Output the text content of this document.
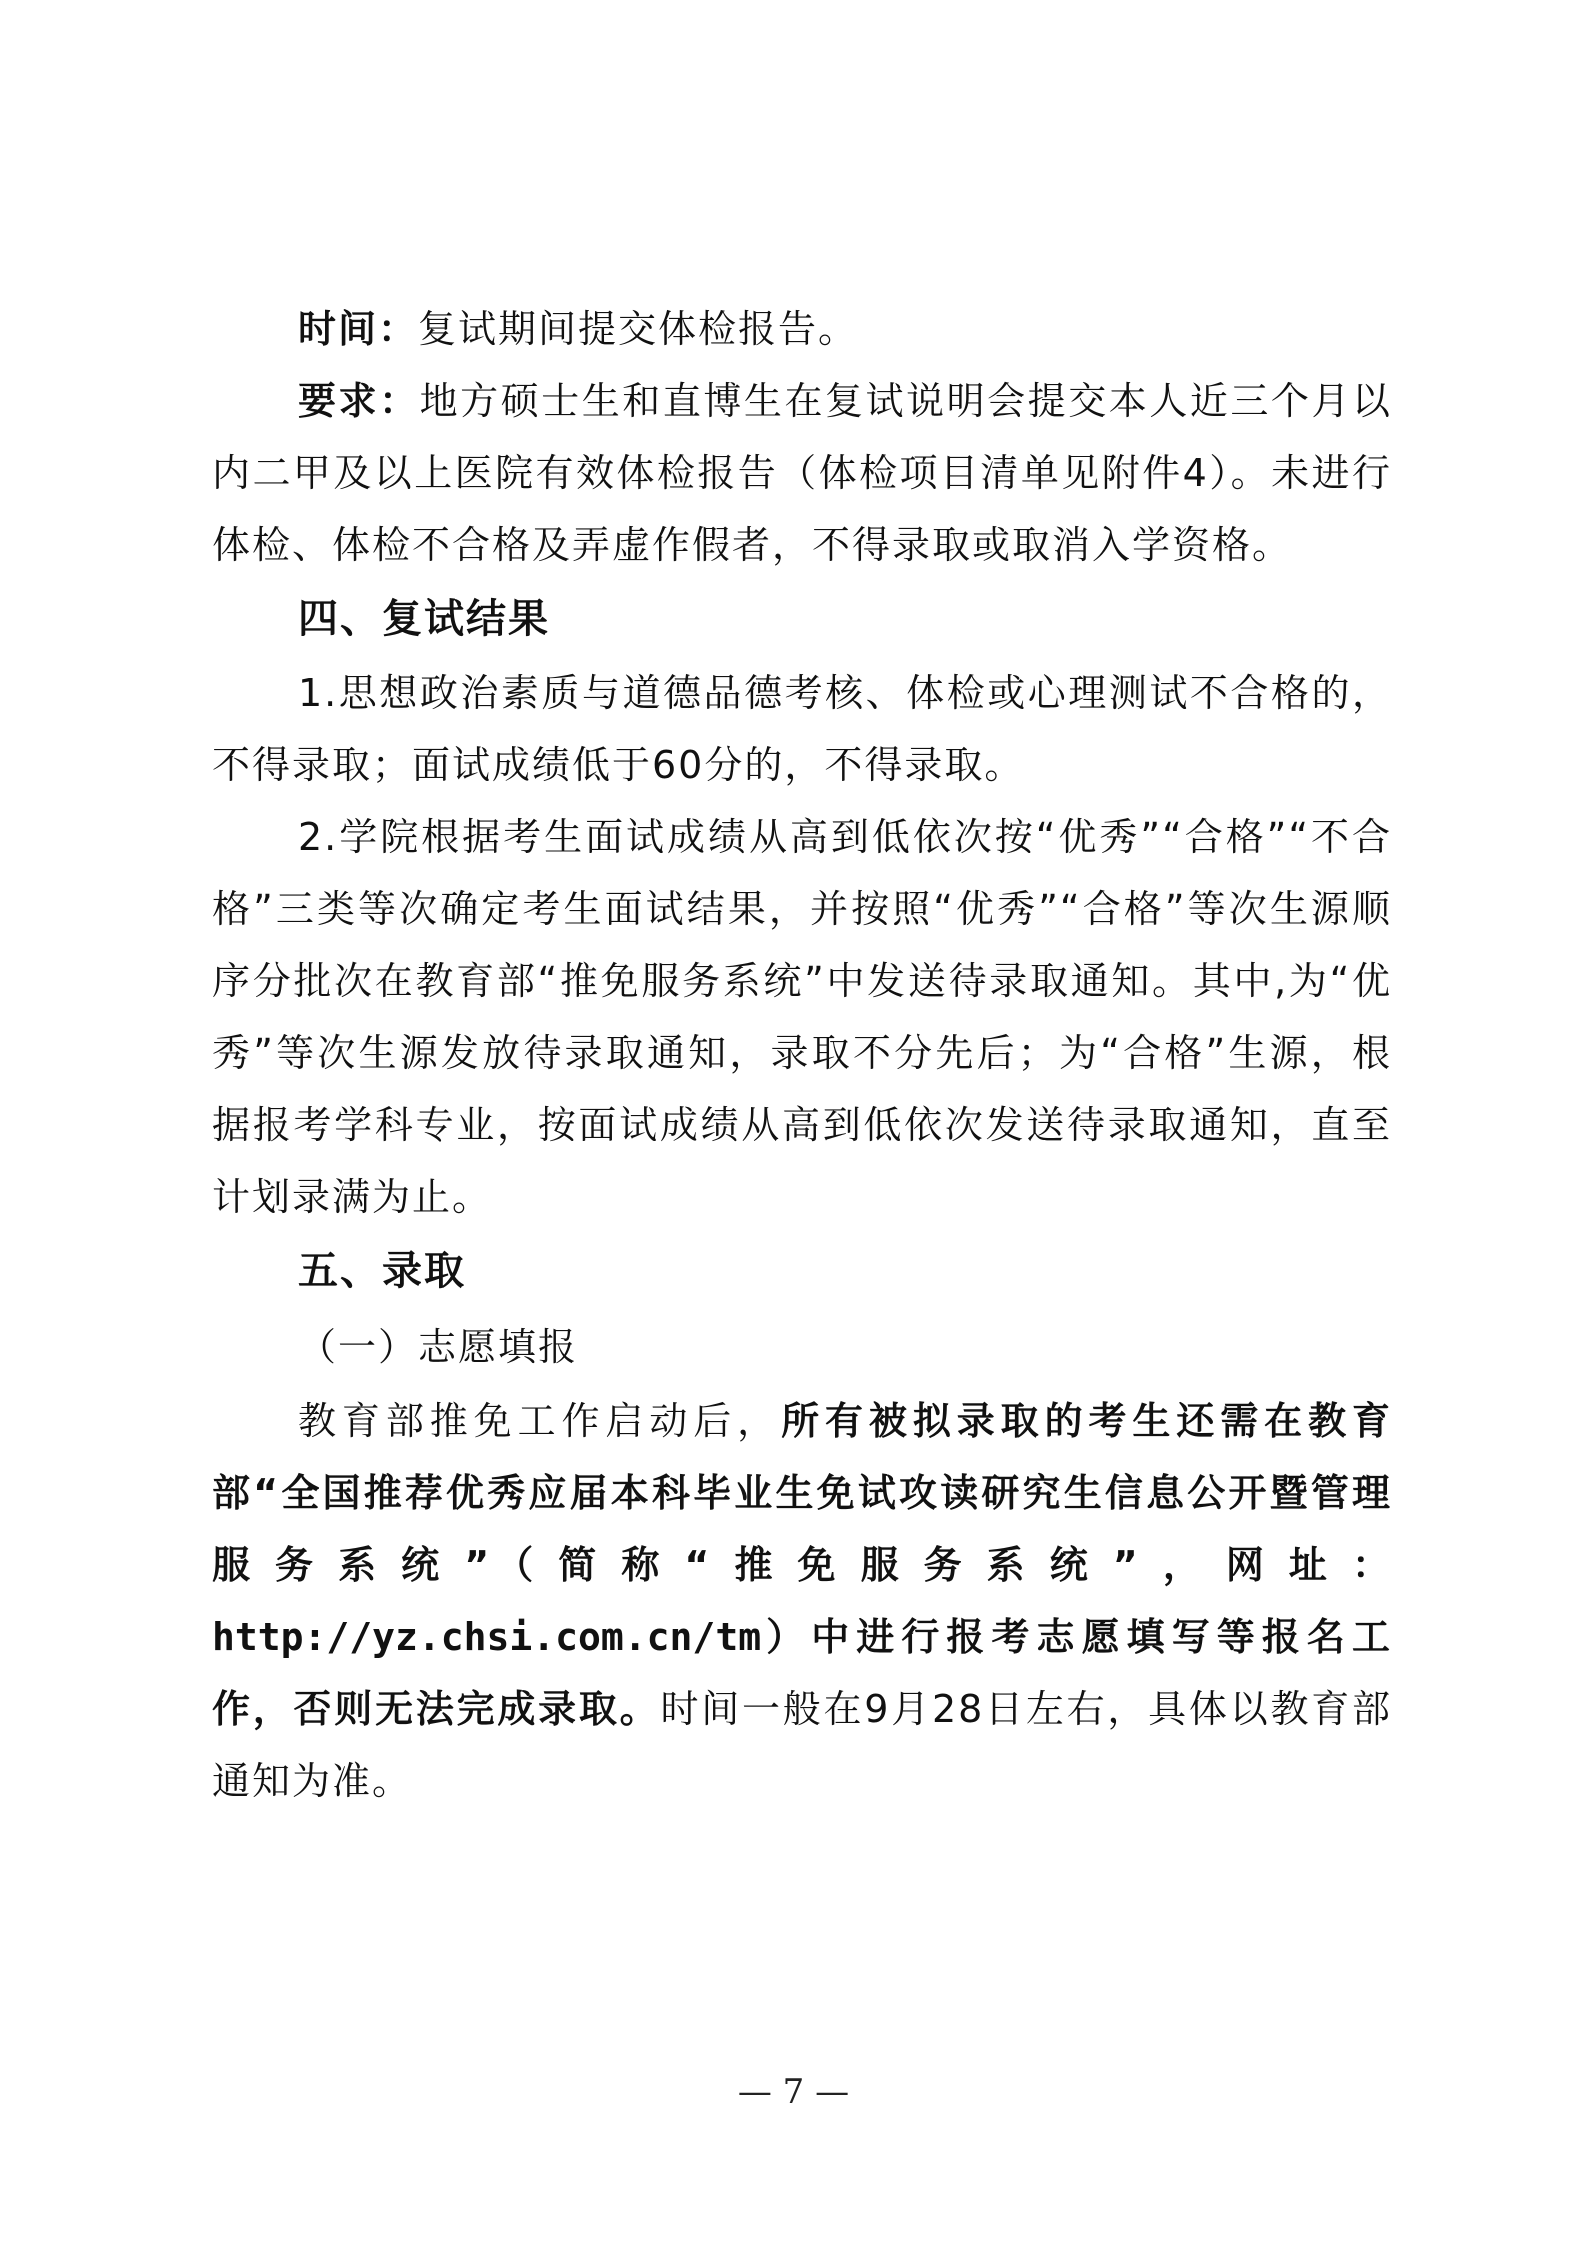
时间：复试期间提交体检报告。

要求：地方硕士生和直博生在复试说明会提交本人近三个月以内二甲及以上医院有效体检报告（体检项目清单见附件4）。未进行体检、体检不合格及弄虚作假者，不得录取或取消入学资格。

四、复试结果

1.思想政治素质与道德品德考核、体检或心理测试不合格的，不得录取；面试成绩低于60分的，不得录取。

2.学院根据考生面试成绩从高到低依次按“优秀”“合格”“不合格”三类等次确定考生面试结果，并按照“优秀”“合格”等次生源顺序分批次在教育部“推免服务系统”中发送待录取通知。其中,为“优秀”等次生源发放待录取通知，录取不分先后；为“合格”生源，根据报考学科专业，按面试成绩从高到低依次发送待录取通知，直至计划录满为止。

五、录取

（一）志愿填报

教育部推免工作启动后，所有被拟录取的考生还需在教育部“全国推荐优秀应届本科毕业生免试攻读研究生信息公开暨管理服务系统”（简称“推免服务系统”，网址：http://yz.chsi.com.cn/tm）中进行报考志愿填写等报名工作，否则无法完成录取。时间一般在9月28日左右，具体以教育部通知为准。

— 7 —
